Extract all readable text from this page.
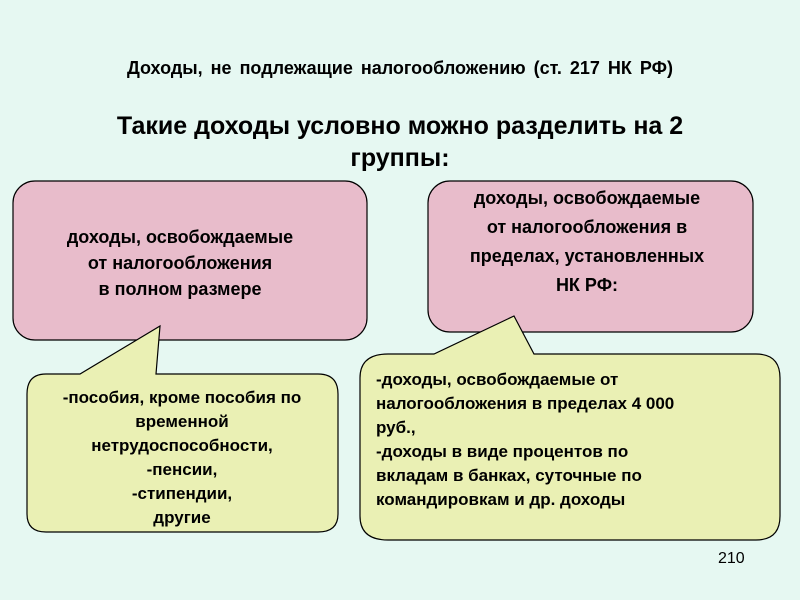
Доходы, не подлежащие налогообложению (ст. 217 НК РФ)
Такие доходы условно можно разделить на 2
группы:
доходы, освобождаемые
от налогообложения
в полном размере
доходы, освобождаемые
от налогообложения в
пределах, установленных
НК РФ:
-пособия, кроме пособия по
временной
нетрудоспособности,
-пенсии,
-стипендии,
другие
-доходы, освобождаемые от
налогообложения в пределах 4 000
руб.,
-доходы в виде процентов по
вкладам в банках, суточные по
командировкам и др. доходы
210
